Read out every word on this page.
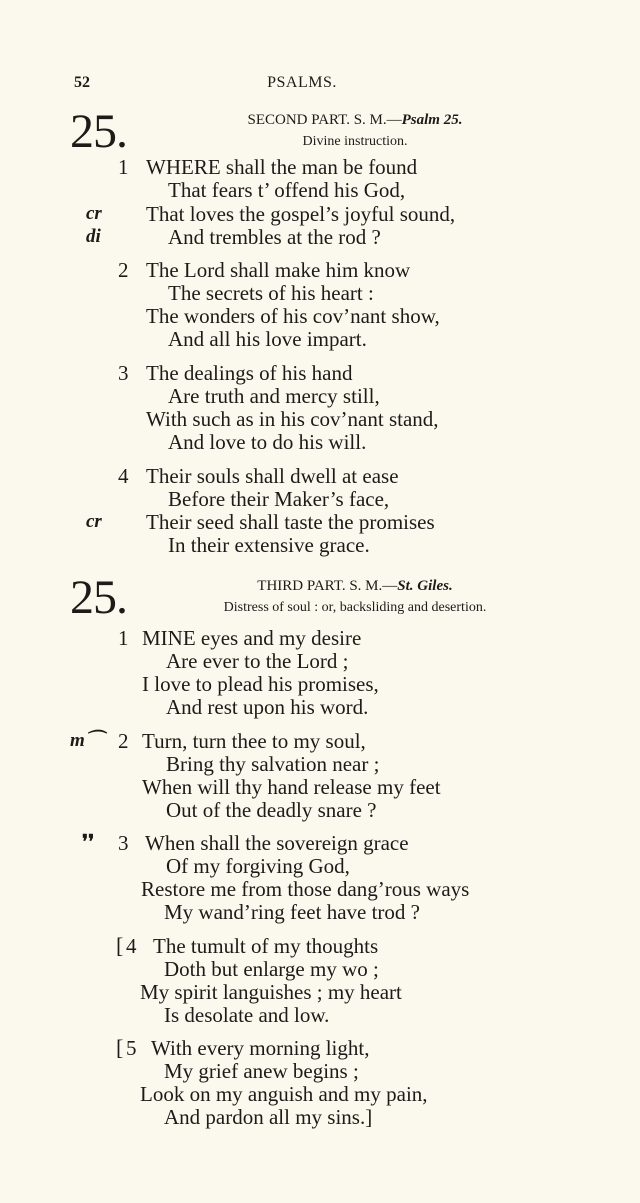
52	PSALMS.
25.	SECOND PART. S. M.—Psalm 25.
Divine instruction.
1 WHERE shall the man be found
That fears t’ offend his God,
cr That loves the gospel’s joyful sound,
di	And trembles at the rod ?
2 The Lord shall make him know
The secrets of his heart :
The wonders of his cov’nant show,
And all his love impart.
3 The dealings of his hand
Are truth and mercy still,
With such as in his cov’nant stand,
And love to do his will.
4 Their souls shall dwell at ease
Before their Maker’s face,
cr Their seed shall taste the promises
In their extensive grace.
25.	THIRD PART. S. M.—St. Giles.
Distress of soul : or, backsliding and desertion.
1 MINE eyes and my desire
Are ever to the Lord ;
I love to plead his promises,
And rest upon his word.
m⌒ 2 Turn, turn thee to my soul,
Bring thy salvation near ;
When will thy hand release my feet
Out of the deadly snare ?
❜❜ 3 When shall the sovereign grace
Of my forgiving God,
Restore me from those dang’rous ways
My wand’ring feet have trod ?
[ 4 The tumult of my thoughts
Doth but enlarge my wo ;
My spirit languishes ; my heart
Is desolate and low.
[ 5 With every morning light,
My grief anew begins ;
Look on my anguish and my pain,
And pardon all my sins.]
